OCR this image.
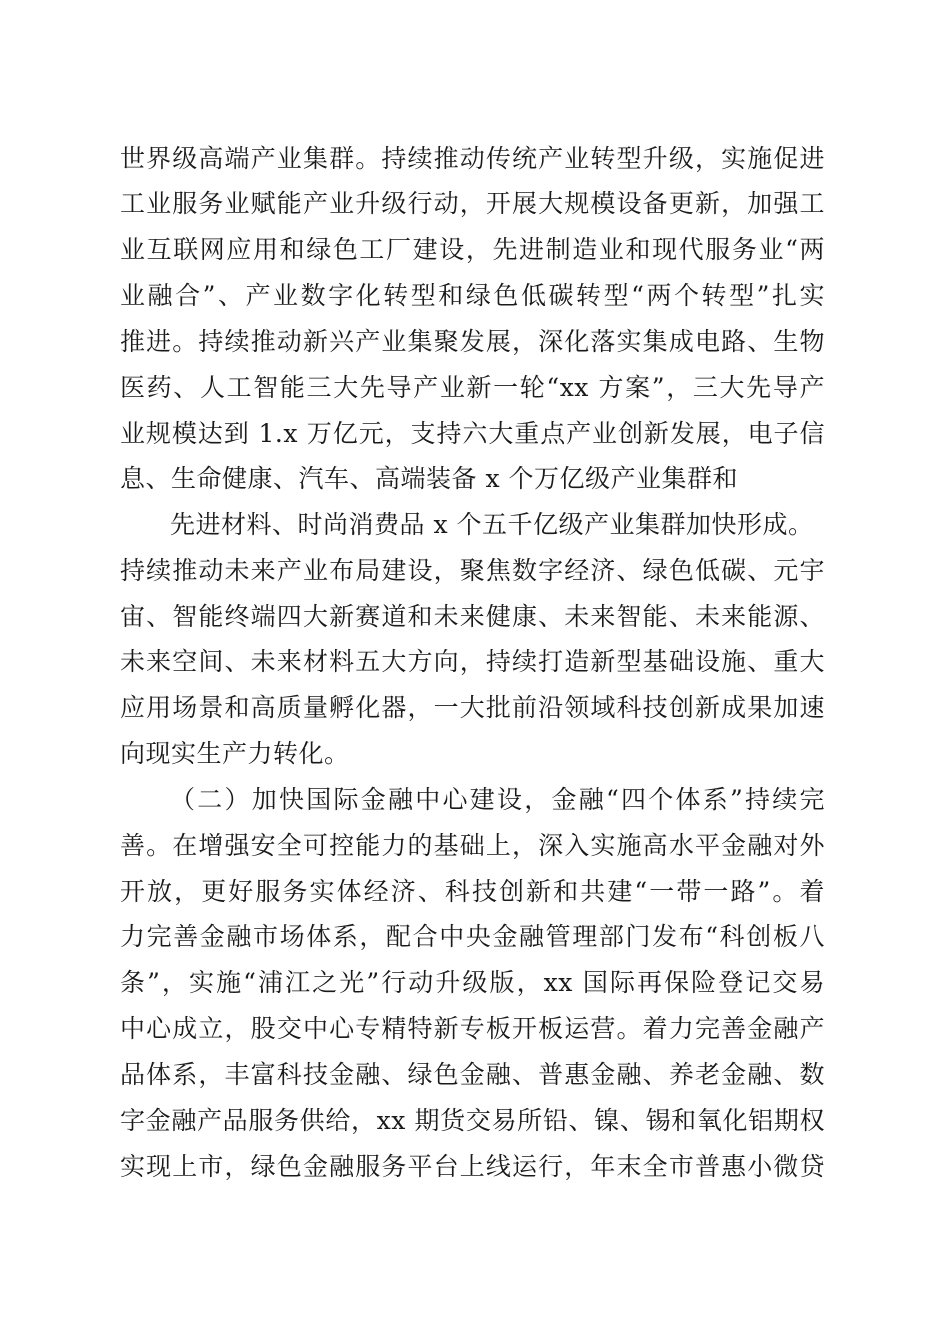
世界级高端产业集群。持续推动传统产业转型升级，实施促进
工业服务业赋能产业升级行动，开展大规模设备更新，加强工
业互联网应用和绿色工厂建设，先进制造业和现代服务业“两
业融合”、产业数字化转型和绿色低碳转型“两个转型”扎实
推进。持续推动新兴产业集聚发展，深化落实集成电路、生物
医药、人工智能三大先导产业新一轮“xx 方案”，三大先导产
业规模达到 1.x 万亿元，支持六大重点产业创新发展，电子信
息、生命健康、汽车、高端装备 x 个万亿级产业集群和
先进材料、时尚消费品 x 个五千亿级产业集群加快形成。
持续推动未来产业布局建设，聚焦数字经济、绿色低碳、元宇
宙、智能终端四大新赛道和未来健康、未来智能、未来能源、
未来空间、未来材料五大方向，持续打造新型基础设施、重大
应用场景和高质量孵化器，一大批前沿领域科技创新成果加速
向现实生产力转化。
（二）加快国际金融中心建设，金融“四个体系”持续完
善。在增强安全可控能力的基础上，深入实施高水平金融对外
开放，更好服务实体经济、科技创新和共建“一带一路”。着
力完善金融市场体系，配合中央金融管理部门发布“科创板八
条”，实施“浦江之光”行动升级版，xx 国际再保险登记交易
中心成立，股交中心专精特新专板开板运营。着力完善金融产
品体系，丰富科技金融、绿色金融、普惠金融、养老金融、数
字金融产品服务供给，xx 期货交易所铅、镍、锡和氧化铝期权
实现上市，绿色金融服务平台上线运行，年末全市普惠小微贷
